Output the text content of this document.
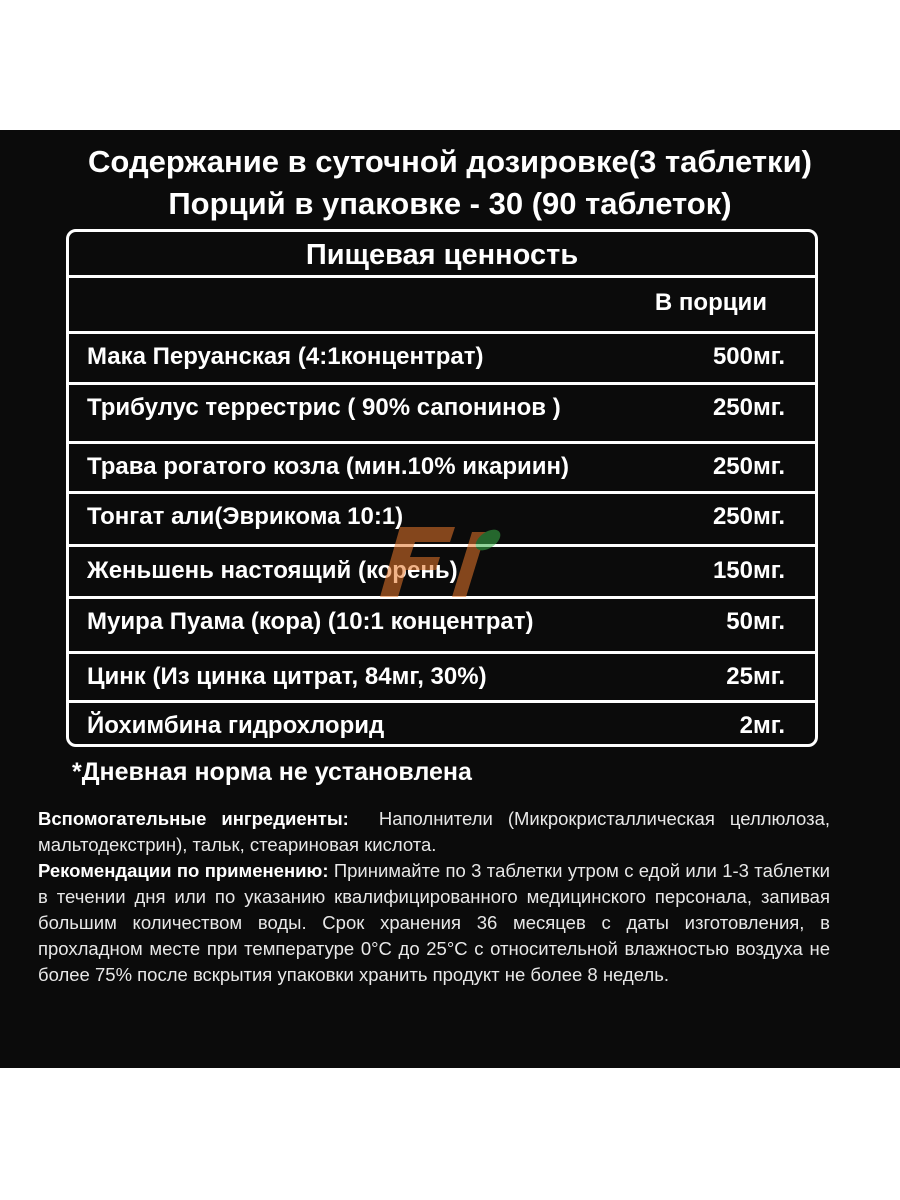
Содержание в суточной дозировке(3 таблетки)
Порций в упаковке - 30 (90 таблеток)
Пищевая ценность
В порции
Мака Перуанская (4:1концентрат)	500мг.
Трибулус террестрис ( 90% сапонинов )	250мг.
Трава рогатого козла (мин.10% икариин)	250мг.
Тонгат али(Эврикома 10:1)	250мг.
Женьшень настоящий (корень)	150мг.
Муира Пуама (кора) (10:1 концентрат)	50мг.
Цинк (Из цинка цитрат, 84мг, 30%)	25мг.
Йохимбина гидрохлорид	2мг.
*Дневная норма не установлена
Вспомогательные ингредиенты: Наполнители (Микрокристаллическая целлюлоза, мальтодекстрин), тальк, стеариновая кислота.
Рекомендации по применению: Принимайте по 3 таблетки утром с едой или 1-3 таблетки в течении дня или по указанию квалифицированного медицинского персонала, запивая большим количеством воды. Срок хранения 36 месяцев с даты изготовления, в прохладном месте при температуре 0°C до 25°C с относительной влажностью воздуха не более 75% после вскрытия упаковки хранить продукт не более 8 недель.
